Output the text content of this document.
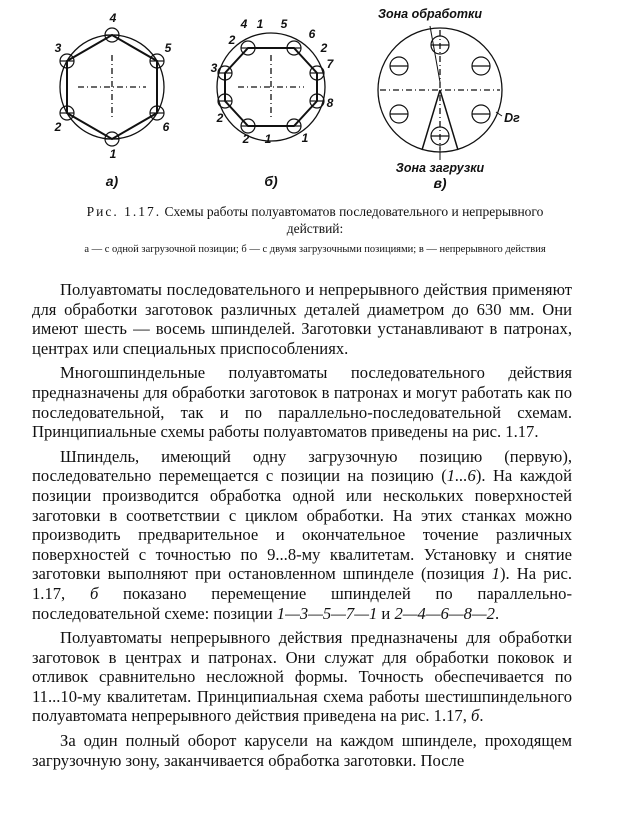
4
5
6
1
2
3
а)
1 5
6
2
7
8
1
1
2
2
4
2
3
б)
Зона обработки
Зона загрузки
Dг
в)
Рис. 1.17. Схемы работы полуавтоматов последовательного и непрерывного действий:
а — с одной загрузочной позиции; б — с двумя загрузочными позициями; в — непрерывного действия

Полуавтоматы последовательного и непрерывного действия применяют для обработки заготовок различных деталей диаметром до 630 мм. Они имеют шесть — восемь шпинделей. Заготовки устанавливают в патронах, центрах или специальных приспособлениях.

Многошпиндельные полуавтоматы последовательного действия предназначены для обработки заготовок в патронах и могут работать как по последовательной, так и по параллельно-последовательной схемам. Принципиальные схемы работы полуавтоматов приведены на рис. 1.17.

Шпиндель, имеющий одну загрузочную позицию (первую), последовательно перемещается с позиции на позицию (1...6). На каждой позиции производится обработка одной или нескольких поверхностей заготовки в соответствии с циклом обработки. На этих станках можно производить предварительное и окончательное точение различных поверхностей с точностью по 9...8-му квалитетам. Установку и снятие заготовки выполняют при остановленном шпинделе (позиция 1). На рис. 1.17, б показано перемещение шпинделей по параллельно-последовательной схеме: позиции 1—3—5—7—1 и 2—4—6—8—2.

Полуавтоматы непрерывного действия предназначены для обработки заготовок в центрах и патронах. Они служат для обработки поковок и отливок сравнительно несложной формы. Точность обеспечивается по 11...10-му квалитетам. Принципиальная схема работы шестишпиндельного полуавтомата непрерывного действия приведена на рис. 1.17, б.

За один полный оборот карусели на каждом шпинделе, проходящем загрузочную зону, заканчивается обработка заготовки. После
